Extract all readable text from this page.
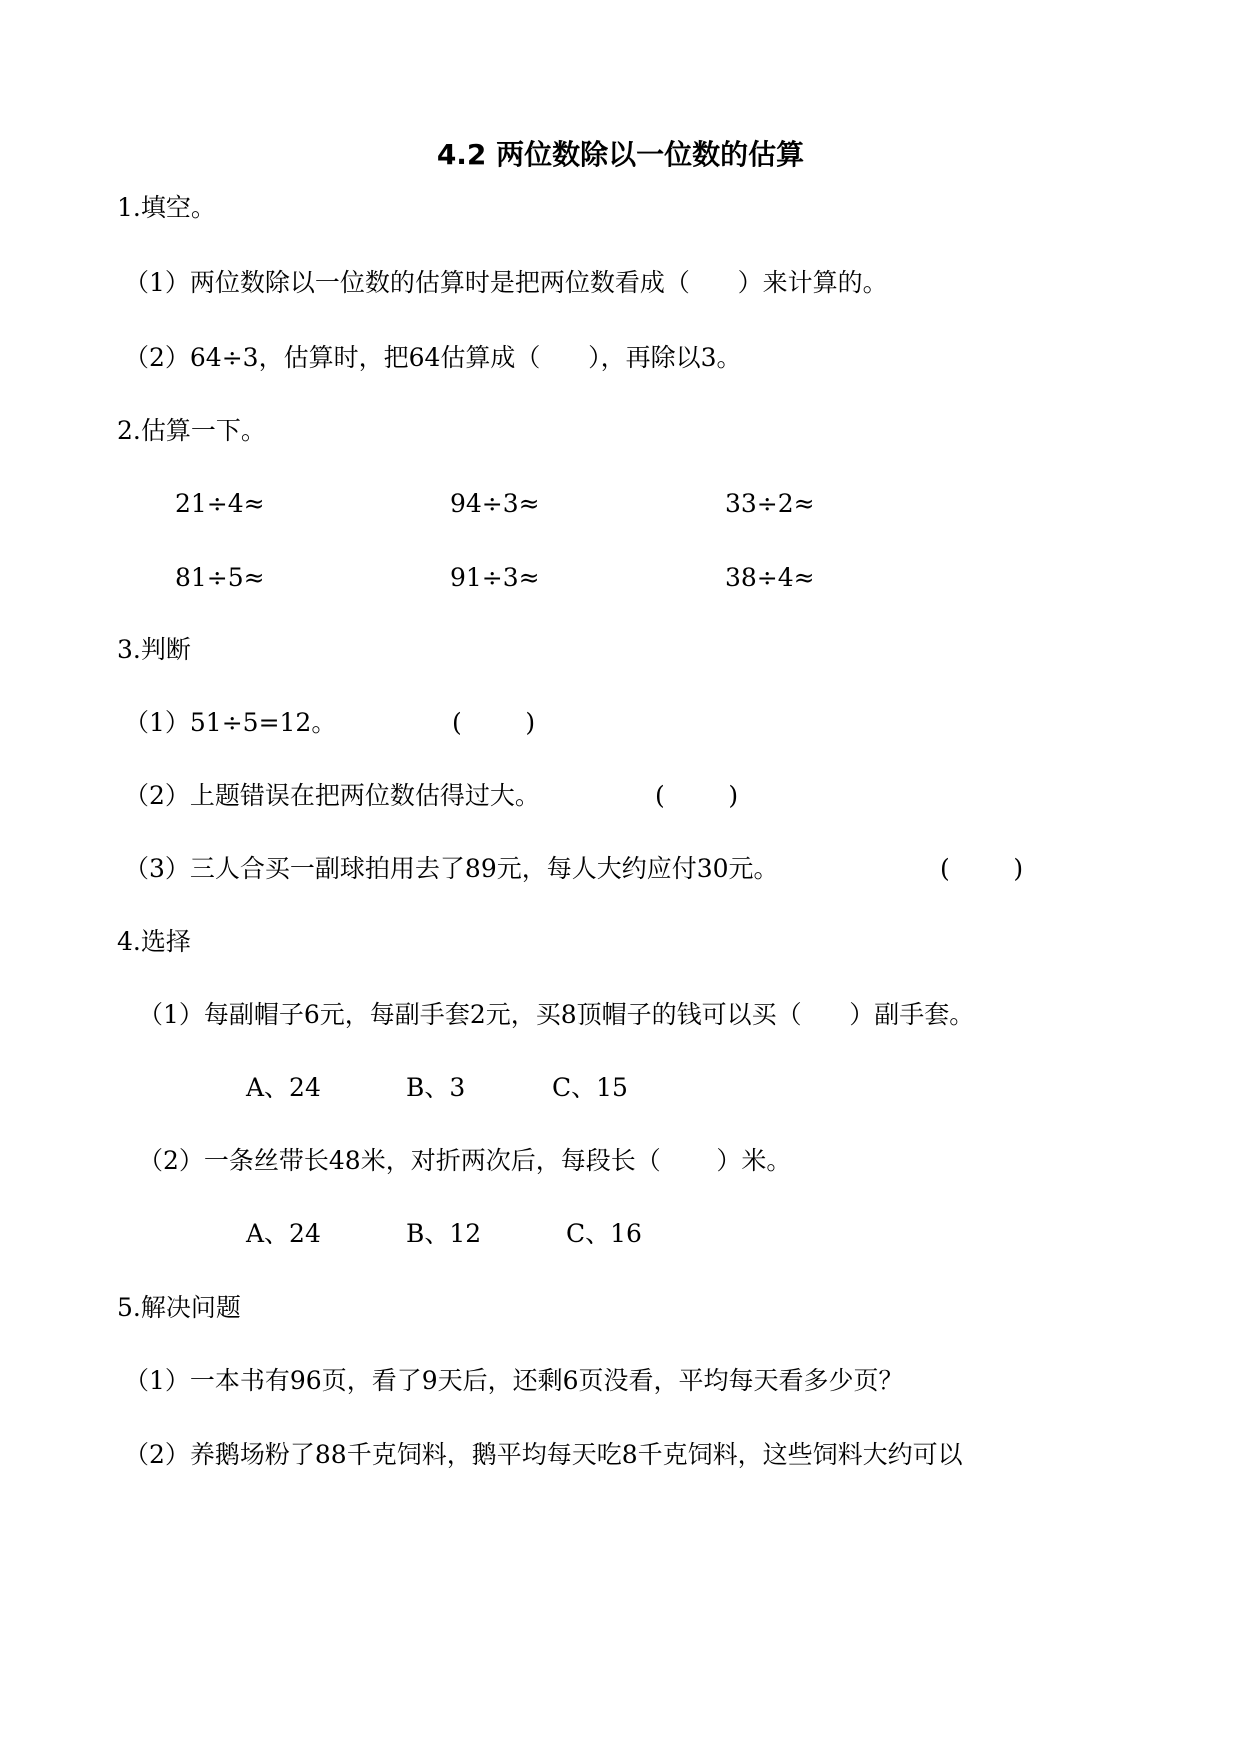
4.2 两位数除以一位数的估算
1.填空。
（1）两位数除以一位数的估算时是把两位数看成（      ）来计算的。
（2）64÷3，估算时，把64估算成（      ），再除以3。
2.估算一下。
21÷4≈	94÷3≈	33÷2≈
81÷5≈	91÷3≈	38÷4≈
3.判断
（1）51÷5=12。	(        )
（2）上题错误在把两位数估得过大。	(        )
（3）三人合买一副球拍用去了89元，每人大约应付30元。	(        )
4.选择
（1）每副帽子6元，每副手套2元，买8顶帽子的钱可以买（      ）副手套。
A、24	B、3	C、15
（2）一条丝带长48米，对折两次后，每段长（       ）米。
A、24	B、12	C、16
5.解决问题
（1）一本书有96页，看了9天后，还剩6页没看，平均每天看多少页？
（2）养鹅场粉了88千克饲料，鹅平均每天吃8千克饲料，这些饲料大约可以
